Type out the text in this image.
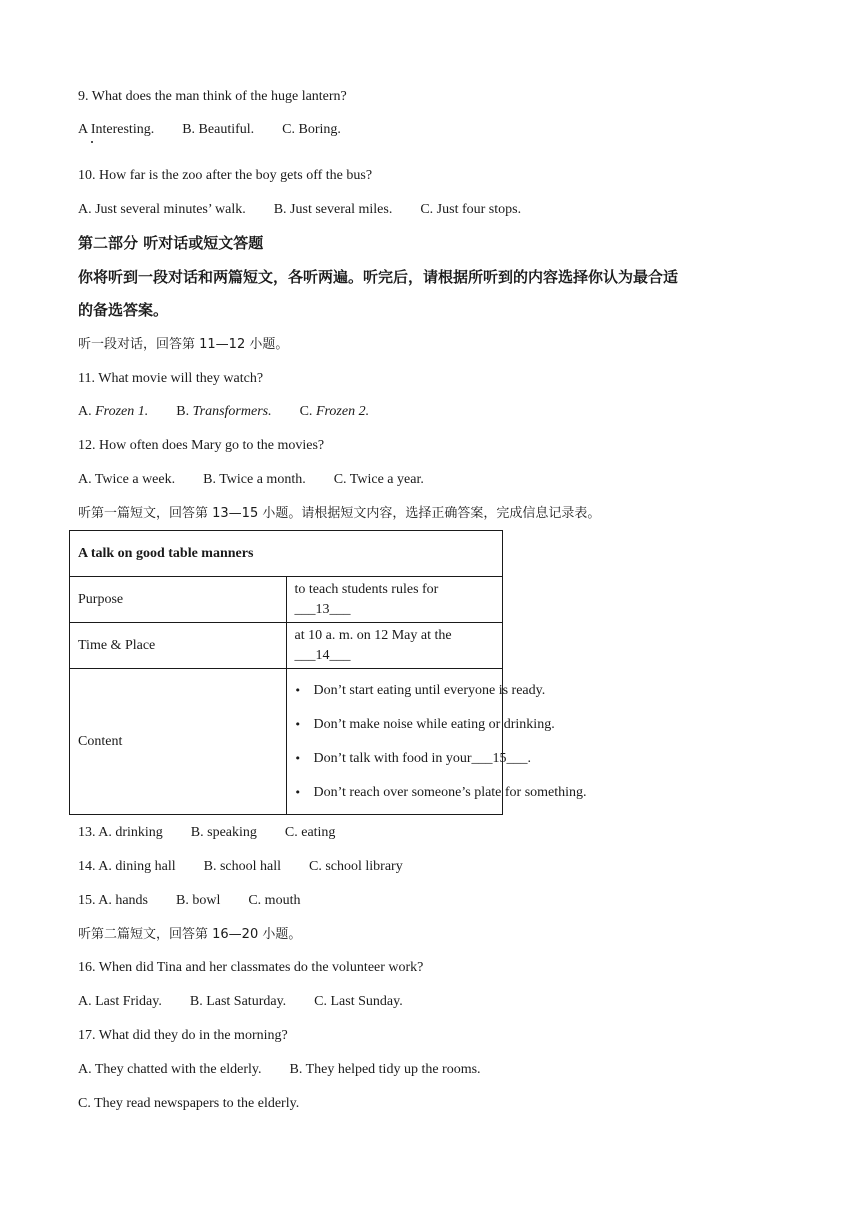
9. What does the man think of the huge lantern?
A Interesting. B. Beautiful. C. Boring.
10. How far is the zoo after the boy gets off the bus?
A. Just several minutes’ walk. B. Just several miles. C. Just four stops.
第二部分 听对话或短文答题
你将听到一段对话和两篇短文，各听两遍。听完后，请根据所听到的内容选择你认为最合适
的备选答案。
听一段对话，回答第 11—12 小题。
11. What movie will they watch?
A. Frozen 1. B. Transformers. C. Frozen 2.
12. How often does Mary go to the movies?
A. Twice a week. B. Twice a month. C. Twice a year.
听第一篇短文，回答第 13—15 小题。请根据短文内容，选择正确答案，完成信息记录表。
A talk on good table manners	
Purpose	to teach students rules for ___13___
Time & Place	at 10 a. m. on 12 May at the ___14___
Content	• Don’t start eating until everyone is ready.
• Don’t make noise while eating or drinking.
• Don’t talk with food in your___15___.
• Don’t reach over someone’s plate for something.
13. A. drinking B. speaking C. eating
14. A. dining hall B. school hall C. school library
15. A. hands B. bowl C. mouth
听第二篇短文，回答第 16—20 小题。
16. When did Tina and her classmates do the volunteer work?
A. Last Friday. B. Last Saturday. C. Last Sunday.
17. What did they do in the morning?
A. They chatted with the elderly. B. They helped tidy up the rooms.
C. They read newspapers to the elderly.
